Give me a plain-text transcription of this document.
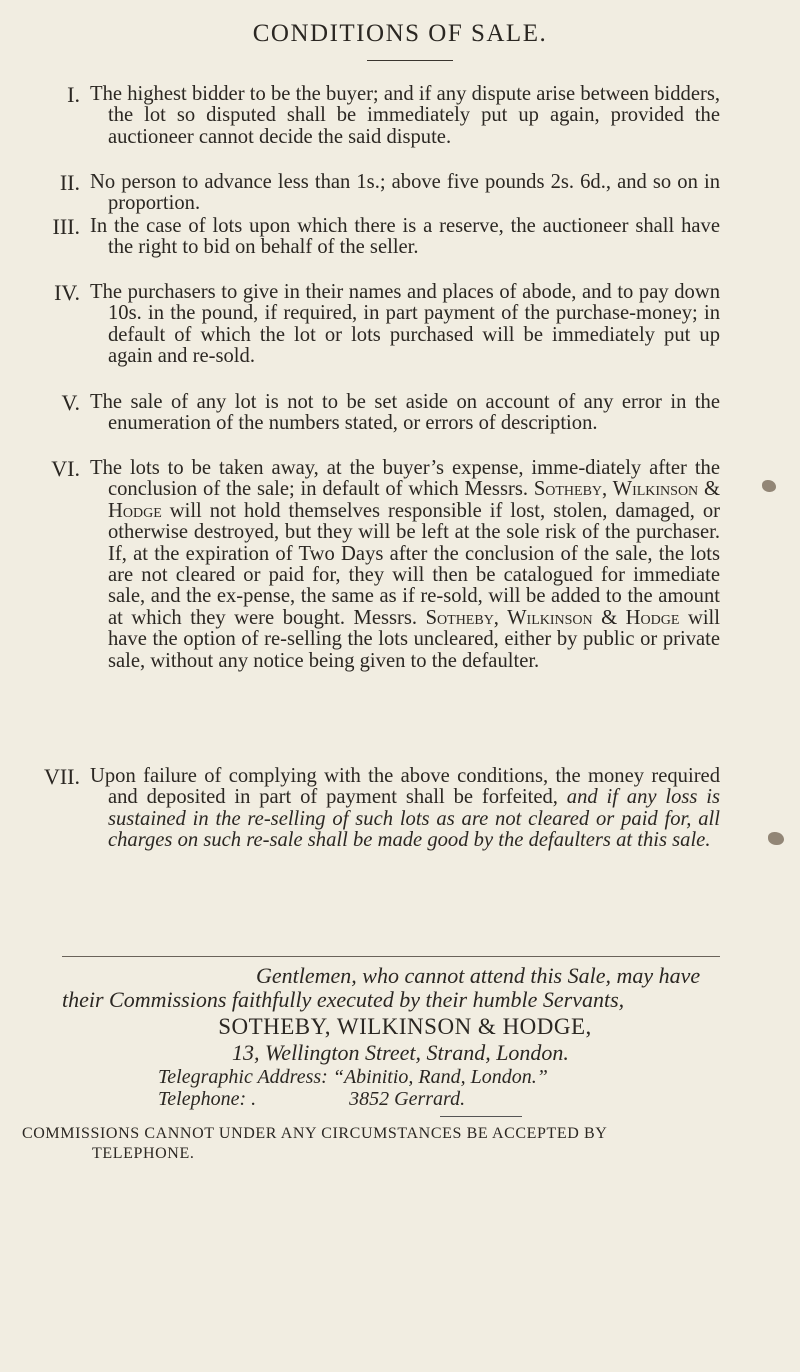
CONDITIONS OF SALE.
I. The highest bidder to be the buyer; and if any dispute arise between bidders, the lot so disputed shall be immediately put up again, provided the auctioneer cannot decide the said dispute.
II. No person to advance less than 1s.; above five pounds 2s. 6d., and so on in proportion.
III. In the case of lots upon which there is a reserve, the auctioneer shall have the right to bid on behalf of the seller.
IV. The purchasers to give in their names and places of abode, and to pay down 10s. in the pound, if required, in part payment of the purchase-money; in default of which the lot or lots purchased will be immediately put up again and re-sold.
V. The sale of any lot is not to be set aside on account of any error in the enumeration of the numbers stated, or errors of description.
VI. The lots to be taken away, at the buyer’s expense, imme-diately after the conclusion of the sale; in default of which Messrs. Sotheby, Wilkinson & Hodge will not hold themselves responsible if lost, stolen, damaged, or otherwise destroyed, but they will be left at the sole risk of the purchaser. If, at the expiration of Two Days after the conclusion of the sale, the lots are not cleared or paid for, they will then be catalogued for immediate sale, and the ex-pense, the same as if re-sold, will be added to the amount at which they were bought. Messrs. Sotheby, Wilkinson & Hodge will have the option of re-selling the lots uncleared, either by public or private sale, without any notice being given to the defaulter.
VII. Upon failure of complying with the above conditions, the money required and deposited in part of payment shall be forfeited, and if any loss is sustained in the re-selling of such lots as are not cleared or paid for, all charges on such re-sale shall be made good by the defaulters at this sale.
Gentlemen, who cannot attend this Sale, may have their Commissions faithfully executed by their humble Servants,
SOTHEBY, WILKINSON & HODGE,
13, Wellington Street, Strand, London.
Telegraphic Address: “Abinitio, Rand, London.”
Telephone: .	3852 Gerrard.
COMMISSIONS CANNOT UNDER ANY CIRCUMSTANCES BE ACCEPTED BY
TELEPHONE.
